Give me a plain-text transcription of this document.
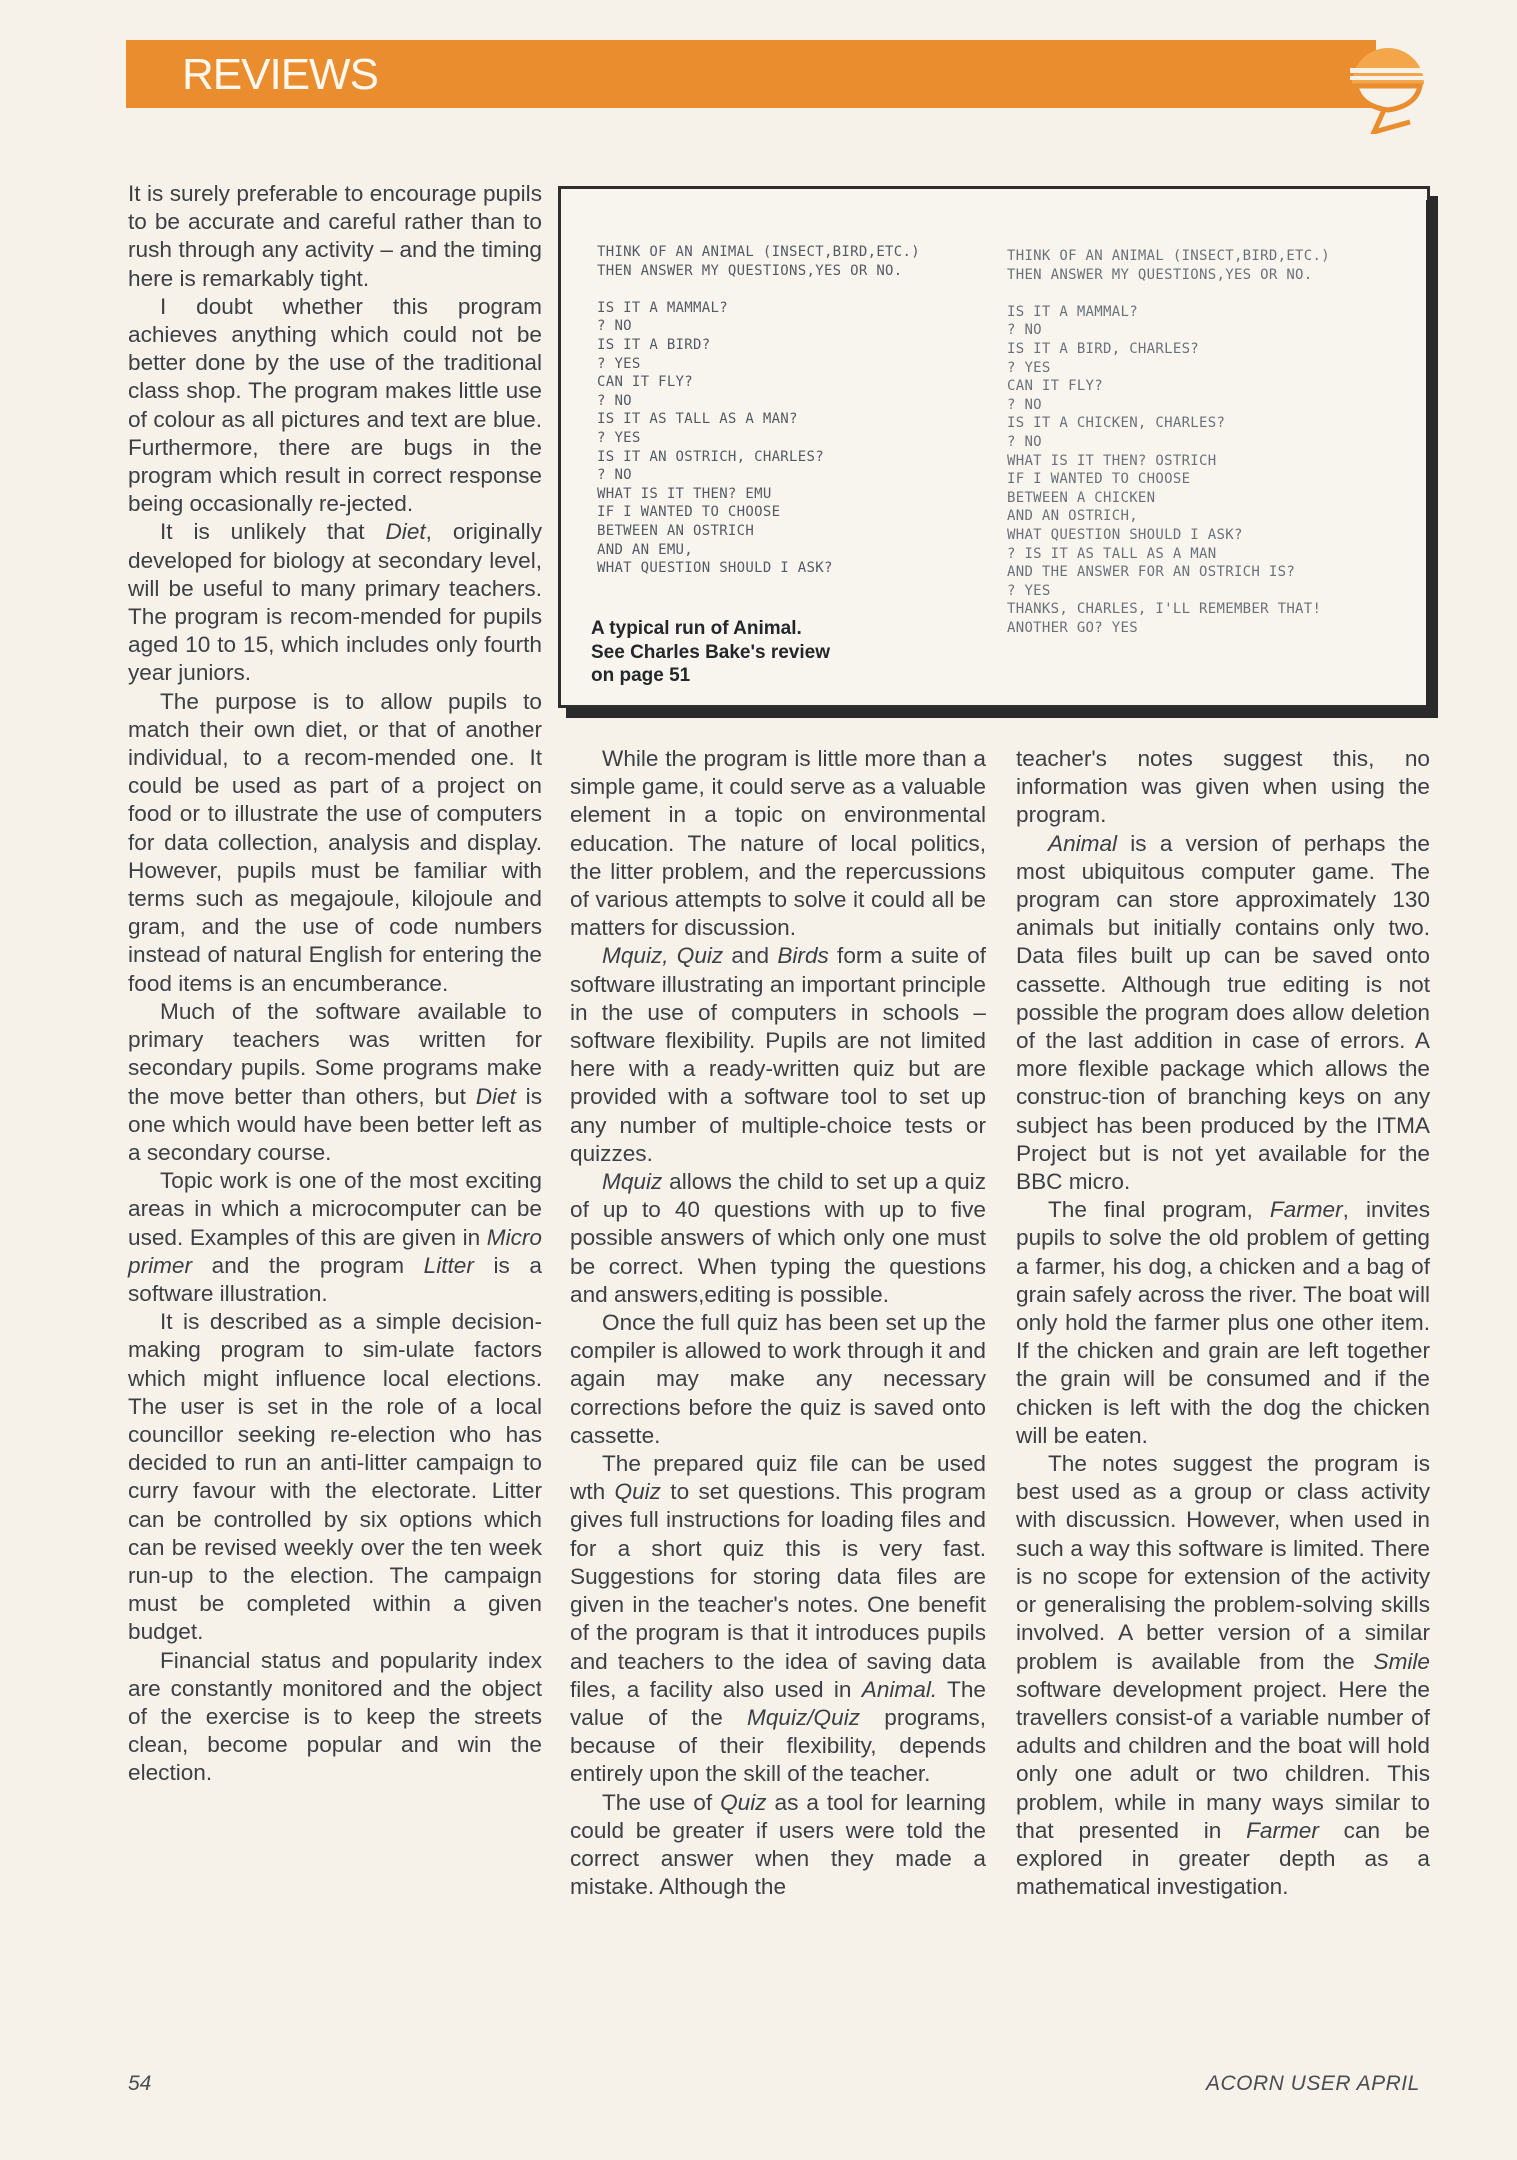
REVIEWS
THINK OF AN ANIMAL (INSECT,BIRD,ETC.)
THEN ANSWER MY QUESTIONS,YES OR NO.

IS IT A MAMMAL?
? NO
IS IT A BIRD?
? YES
CAN IT FLY?
? NO
IS IT AS TALL AS A MAN?
? YES
IS IT AN OSTRICH, CHARLES?
? NO
WHAT IS IT THEN? EMU
IF I WANTED TO CHOOSE
BETWEEN AN OSTRICH
AND AN EMU,
WHAT QUESTION SHOULD I ASK?

THINK OF AN ANIMAL (INSECT,BIRD,ETC.)
THEN ANSWER MY QUESTIONS,YES OR NO.

IS IT A MAMMAL?
? NO
IS IT A BIRD, CHARLES?
? YES
CAN IT FLY?
? NO
IS IT A CHICKEN, CHARLES?
? NO
WHAT IS IT THEN? OSTRICH
IF I WANTED TO CHOOSE
BETWEEN A CHICKEN
AND AN OSTRICH,
WHAT QUESTION SHOULD I ASK?
? IS IT AS TALL AS A MAN
AND THE ANSWER FOR AN OSTRICH IS?
? YES
THANKS, CHARLES, I'LL REMEMBER THAT!
ANOTHER GO? YES

A typical run of Animal.
See Charles Bake's review
on page 51

It is surely preferable to encourage pupils to be accurate and careful rather than to rush through any activity – and the timing here is remarkably tight.

I doubt whether this program achieves anything which could not be better done by the use of the traditional class shop. The program makes little use of colour as all pictures and text are blue. Furthermore, there are bugs in the program which result in correct response being occasionally re-jected.

It is unlikely that Diet, originally developed for biology at secondary level, will be useful to many primary teachers. The program is recom-mended for pupils aged 10 to 15, which includes only fourth year juniors.

The purpose is to allow pupils to match their own diet, or that of another individual, to a recom-mended one. It could be used as part of a project on food or to illustrate the use of computers for data collection, analysis and display. However, pupils must be familiar with terms such as megajoule, kilojoule and gram, and the use of code numbers instead of natural English for entering the food items is an encumberance.

Much of the software available to primary teachers was written for secondary pupils. Some programs make the move better than others, but Diet is one which would have been better left as a secondary course.

Topic work is one of the most exciting areas in which a microcomputer can be used. Examples of this are given in Micro primer and the program Litter is a software illustration.

It is described as a simple decision-making program to sim-ulate factors which might influence local elections. The user is set in the role of a local councillor seeking re-election who has decided to run an anti-litter campaign to curry favour with the electorate. Litter can be controlled by six options which can be revised weekly over the ten week run-up to the election. The campaign must be completed within a given budget.

Financial status and popularity index are constantly monitored and the object of the exercise is to keep the streets clean, become popular and win the election.

While the program is little more than a simple game, it could serve as a valuable element in a topic on environmental education. The nature of local politics, the litter problem, and the repercussions of various attempts to solve it could all be matters for discussion.

Mquiz, Quiz and Birds form a suite of software illustrating an important principle in the use of computers in schools – software flexibility. Pupils are not limited here with a ready-written quiz but are provided with a software tool to set up any number of multiple-choice tests or quizzes.

Mquiz allows the child to set up a quiz of up to 40 questions with up to five possible answers of which only one must be correct. When typing the questions and answers,editing is possible.

Once the full quiz has been set up the compiler is allowed to work through it and again may make any necessary corrections before the quiz is saved onto cassette.

The prepared quiz file can be used wth Quiz to set questions. This program gives full instructions for loading files and for a short quiz this is very fast. Suggestions for storing data files are given in the teacher's notes. One benefit of the program is that it introduces pupils and teachers to the idea of saving data files, a facility also used in Animal. The value of the Mquiz/Quiz programs, because of their flexibility, depends entirely upon the skill of the teacher.

The use of Quiz as a tool for learning could be greater if users were told the correct answer when they made a mistake. Although the

teacher's notes suggest this, no information was given when using the program.

Animal is a version of perhaps the most ubiquitous computer game. The program can store approximately 130 animals but initially contains only two. Data files built up can be saved onto cassette. Although true editing is not possible the program does allow deletion of the last addition in case of errors. A more flexible package which allows the construc-tion of branching keys on any subject has been produced by the ITMA Project but is not yet available for the BBC micro.

The final program, Farmer, invites pupils to solve the old problem of getting a farmer, his dog, a chicken and a bag of grain safely across the river. The boat will only hold the farmer plus one other item. If the chicken and grain are left together the grain will be consumed and if the chicken is left with the dog the chicken will be eaten.

The notes suggest the program is best used as a group or class activity with discussicn. However, when used in such a way this software is limited. There is no scope for extension of the activity or generalising the problem-solving skills involved. A better version of a similar problem is available from the Smile software development project. Here the travellers consist-of a variable number of adults and children and the boat will hold only one adult or two children. This problem, while in many ways similar to that presented in Farmer can be explored in greater depth as a mathematical investigation.

54	ACORN USER APRIL
